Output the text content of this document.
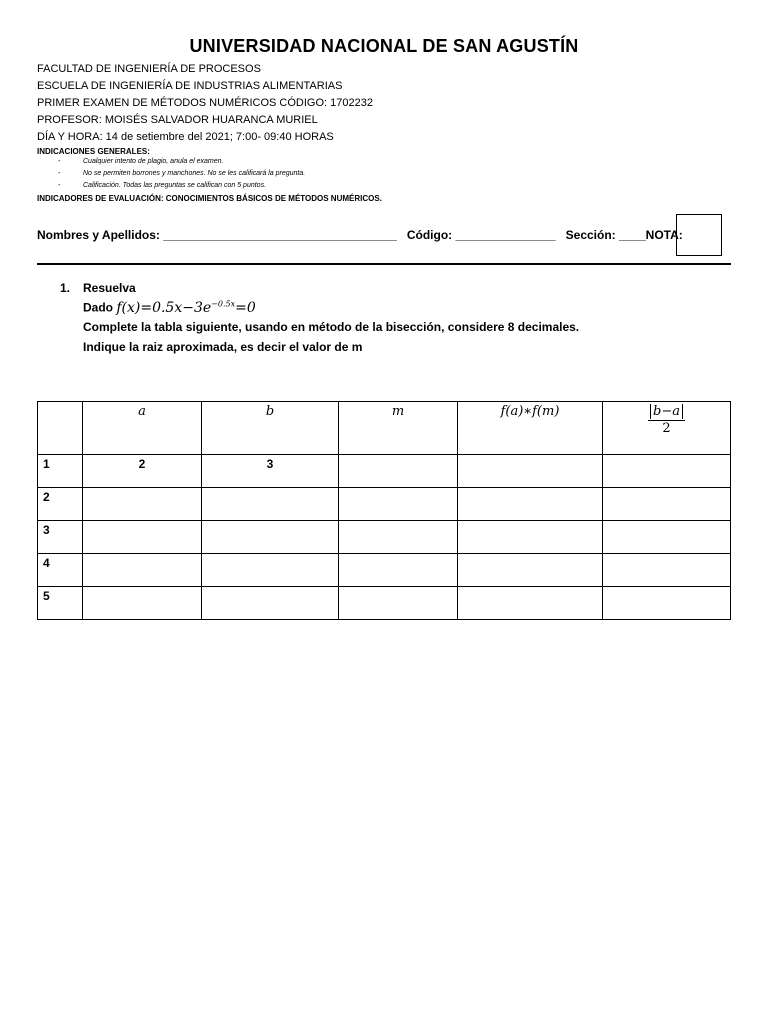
UNIVERSIDAD NACIONAL DE SAN AGUSTÍN
FACULTAD DE INGENIERÍA DE PROCESOS
ESCUELA DE INGENIERÍA DE INDUSTRIAS ALIMENTARIAS
PRIMER EXAMEN DE MÉTODOS NUMÉRICOS CÓDIGO: 1702232
PROFESOR: MOISÉS SALVADOR HUARANCA MURIEL
DÍA Y HORA: 14 de setiembre del 2021; 7:00- 09:40 HORAS
INDICACIONES GENERALES:
-	Cualquier intento de plagio, anula el examen.
-	No se permiten borrones y manchones. No se les calificará la pregunta.
-	Calificación. Todas las preguntas se califican con 5 puntos.
INDICADORES DE EVALUACIÓN: CONOCIMIENTOS BÁSICOS DE MÉTODOS NUMÉRICOS.
Nombres y Apellidos: ___________________________________ Código: _______________ Sección: ____NOTA:
1. Resuelva
Dado $f(x)=0.5x-3e^{-0.5x}=0$
Complete la tabla siguiente, usando en método de la bisección, considere 8 decimales.
Indique la raiz aproximada, es decir el valor de m
	a	b	m	f(a)∗f(m)	$\frac{b-a}{2}$

1	2	3			
2					
3					
4					
5					
